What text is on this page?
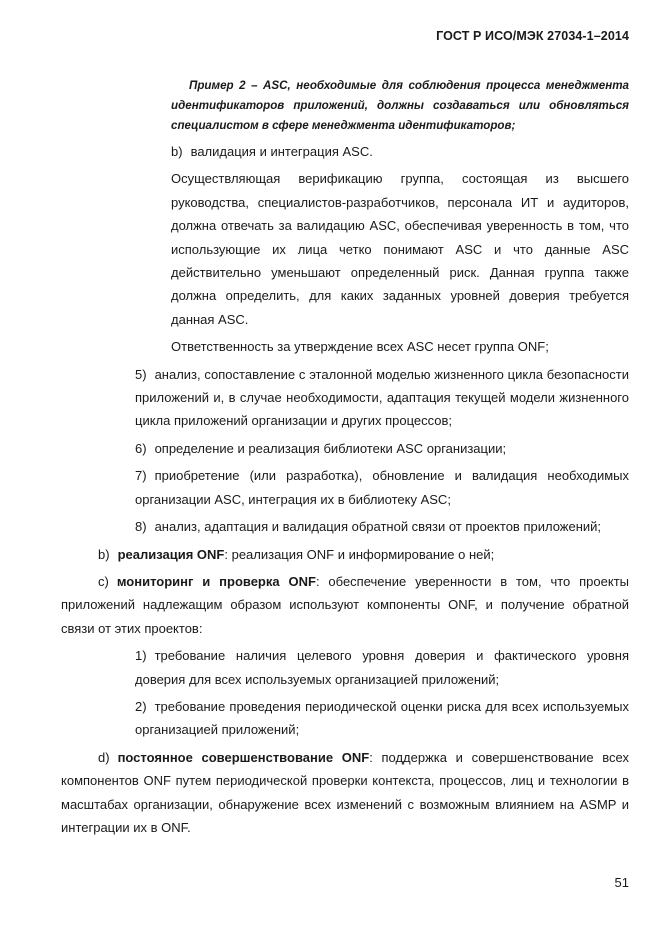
ГОСТ Р ИСО/МЭК 27034-1–2014

Пример 2 – ASC, необходимые для соблюдения процесса менеджмента идентификаторов приложений, должны создаваться или обновляться специалистом в сфере менеджмента идентификаторов;

b) валидация и интеграция ASC.

Осуществляющая верификацию группа, состоящая из высшего руководства, специалистов-разработчиков, персонала ИТ и аудиторов, должна отвечать за валидацию ASC, обеспечивая уверенность в том, что использующие их лица четко понимают ASC и что данные ASC действительно уменьшают определенный риск. Данная группа также должна определить, для каких заданных уровней доверия требуется данная ASC.

Ответственность за утверждение всех ASC несет группа ONF;

5) анализ, сопоставление с эталонной моделью жизненного цикла безопасности приложений и, в случае необходимости, адаптация текущей модели жизненного цикла приложений организации и других процессов;

6) определение и реализация библиотеки ASC организации;

7) приобретение (или разработка), обновление и валидация необходимых организации ASC, интеграция их в библиотеку ASC;

8) анализ, адаптация и валидация обратной связи от проектов приложений;

b) реализация ONF: реализация ONF и информирование о ней;

c) мониторинг и проверка ONF: обеспечение уверенности в том, что проекты приложений надлежащим образом используют компоненты ONF, и получение обратной связи от этих проектов:

1) требование наличия целевого уровня доверия и фактического уровня доверия для всех используемых организацией приложений;

2) требование проведения периодической оценки риска для всех используемых организацией приложений;

d) постоянное совершенствование ONF: поддержка и совершенствование всех компонентов ONF путем периодической проверки контекста, процессов, лиц и технологии в масштабах организации, обнаружение всех изменений с возможным влиянием на ASMP и интеграции их в ONF.

51
